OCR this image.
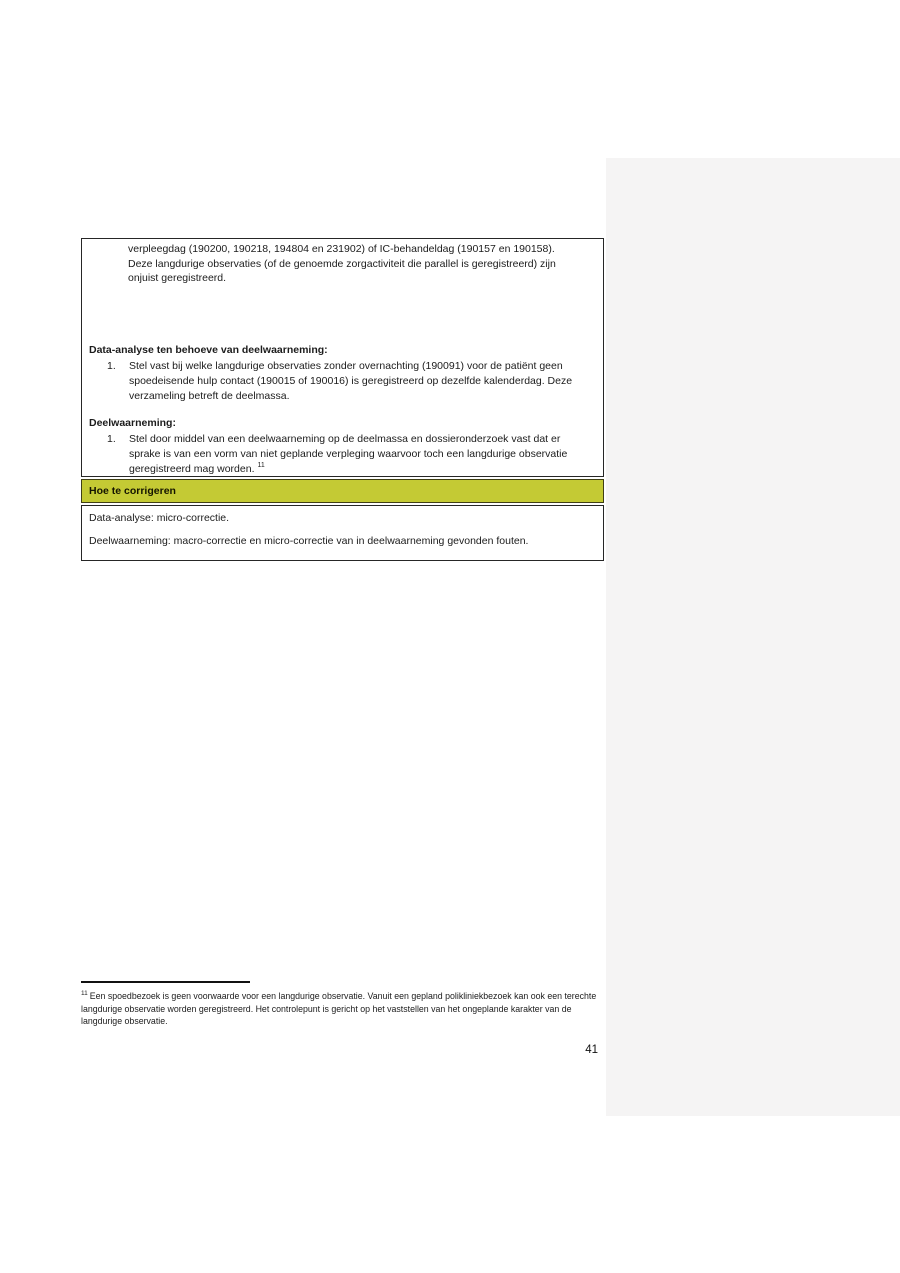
verpleegdag (190200, 190218, 194804 en 231902) of IC-behandeldag (190157 en 190158). Deze langdurige observaties (of de genoemde zorgactiviteit die parallel is geregistreerd) zijn onjuist geregistreerd.

Data-analyse ten behoeve van deelwaarneming:
1.	Stel vast bij welke langdurige observaties zonder overnachting (190091) voor de patiënt geen spoedeisende hulp contact (190015 of 190016) is geregistreerd op dezelfde kalenderdag. Deze verzameling betreft de deelmassa.
Deelwaarneming:
1.	Stel door middel van een deelwaarneming op de deelmassa en dossieronderzoek vast dat er sprake is van een vorm van niet geplande verpleging waarvoor toch een langdurige observatie geregistreerd mag worden. $^{11}$
Hoe te corrigeren
Data-analyse: micro-correctie.
Deelwaarneming: macro-correctie en micro-correctie van in deelwaarneming gevonden fouten.
$^{11}$ Een spoedbezoek is geen voorwaarde voor een langdurige observatie. Vanuit een gepland polikliniekbezoek kan ook een terechte langdurige observatie worden geregistreerd. Het controlepunt is gericht op het vaststellen van het ongeplande karakter van de langdurige observatie.
41
